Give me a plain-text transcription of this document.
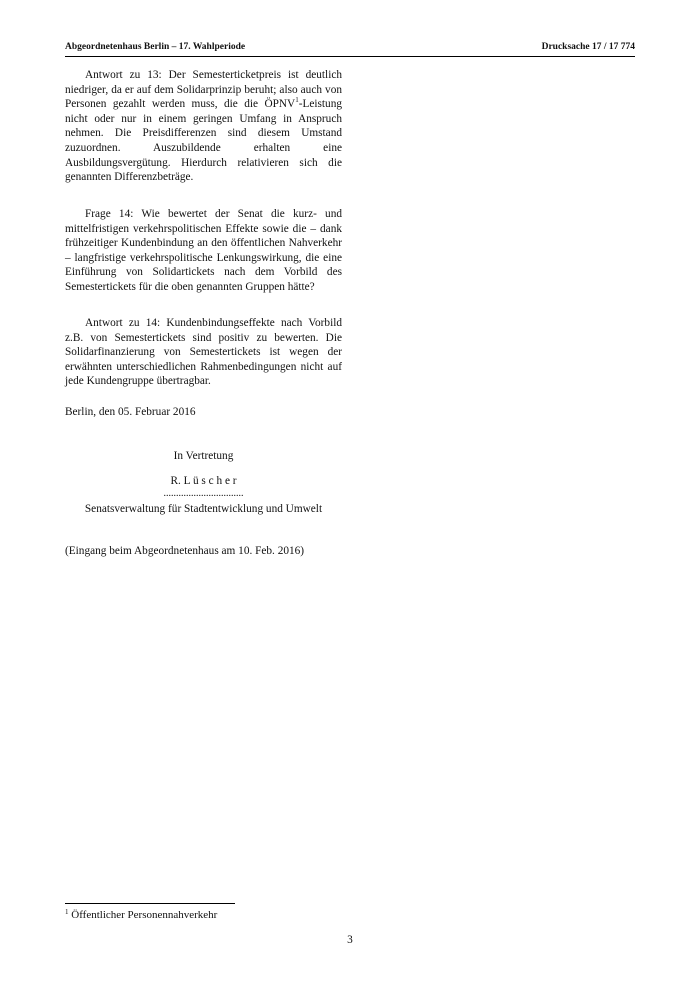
Abgeordnetenhaus Berlin – 17. Wahlperiode	Drucksache 17 / 17 774

Antwort zu 13: Der Semesterticketpreis ist deutlich niedriger, da er auf dem Solidarprinzip beruht; also auch von Personen gezahlt werden muss, die die ÖPNV$^1$-Leistung nicht oder nur in einem geringen Umfang in Anspruch nehmen. Die Preisdifferenzen sind diesem Umstand zuzuordnen. Auszubildende erhalten eine Ausbildungsvergütung. Hierdurch relativieren sich die genannten Differenzbeträge.

Frage 14: Wie bewertet der Senat die kurz- und mittelfristigen verkehrspolitischen Effekte sowie die – dank frühzeitiger Kundenbindung an den öffentlichen Nahverkehr – langfristige verkehrspolitische Lenkungswirkung, die eine Einführung von Solidartickets nach dem Vorbild des Semestertickets für die oben genannten Gruppen hätte?

Antwort zu 14: Kundenbindungseffekte nach Vorbild z.B. von Semestertickets sind positiv zu bewerten. Die Solidarfinanzierung von Semestertickets ist wegen der erwähnten unterschiedlichen Rahmenbedingungen nicht auf jede Kundengruppe übertragbar.

Berlin, den 05. Februar 2016
In Vertretung
R. L ü s c h e r
................................
Senatsverwaltung für Stadtentwicklung und Umwelt
(Eingang beim Abgeordnetenhaus am 10. Feb. 2016)
$^1$ Öffentlicher Personennahverkehr
3
